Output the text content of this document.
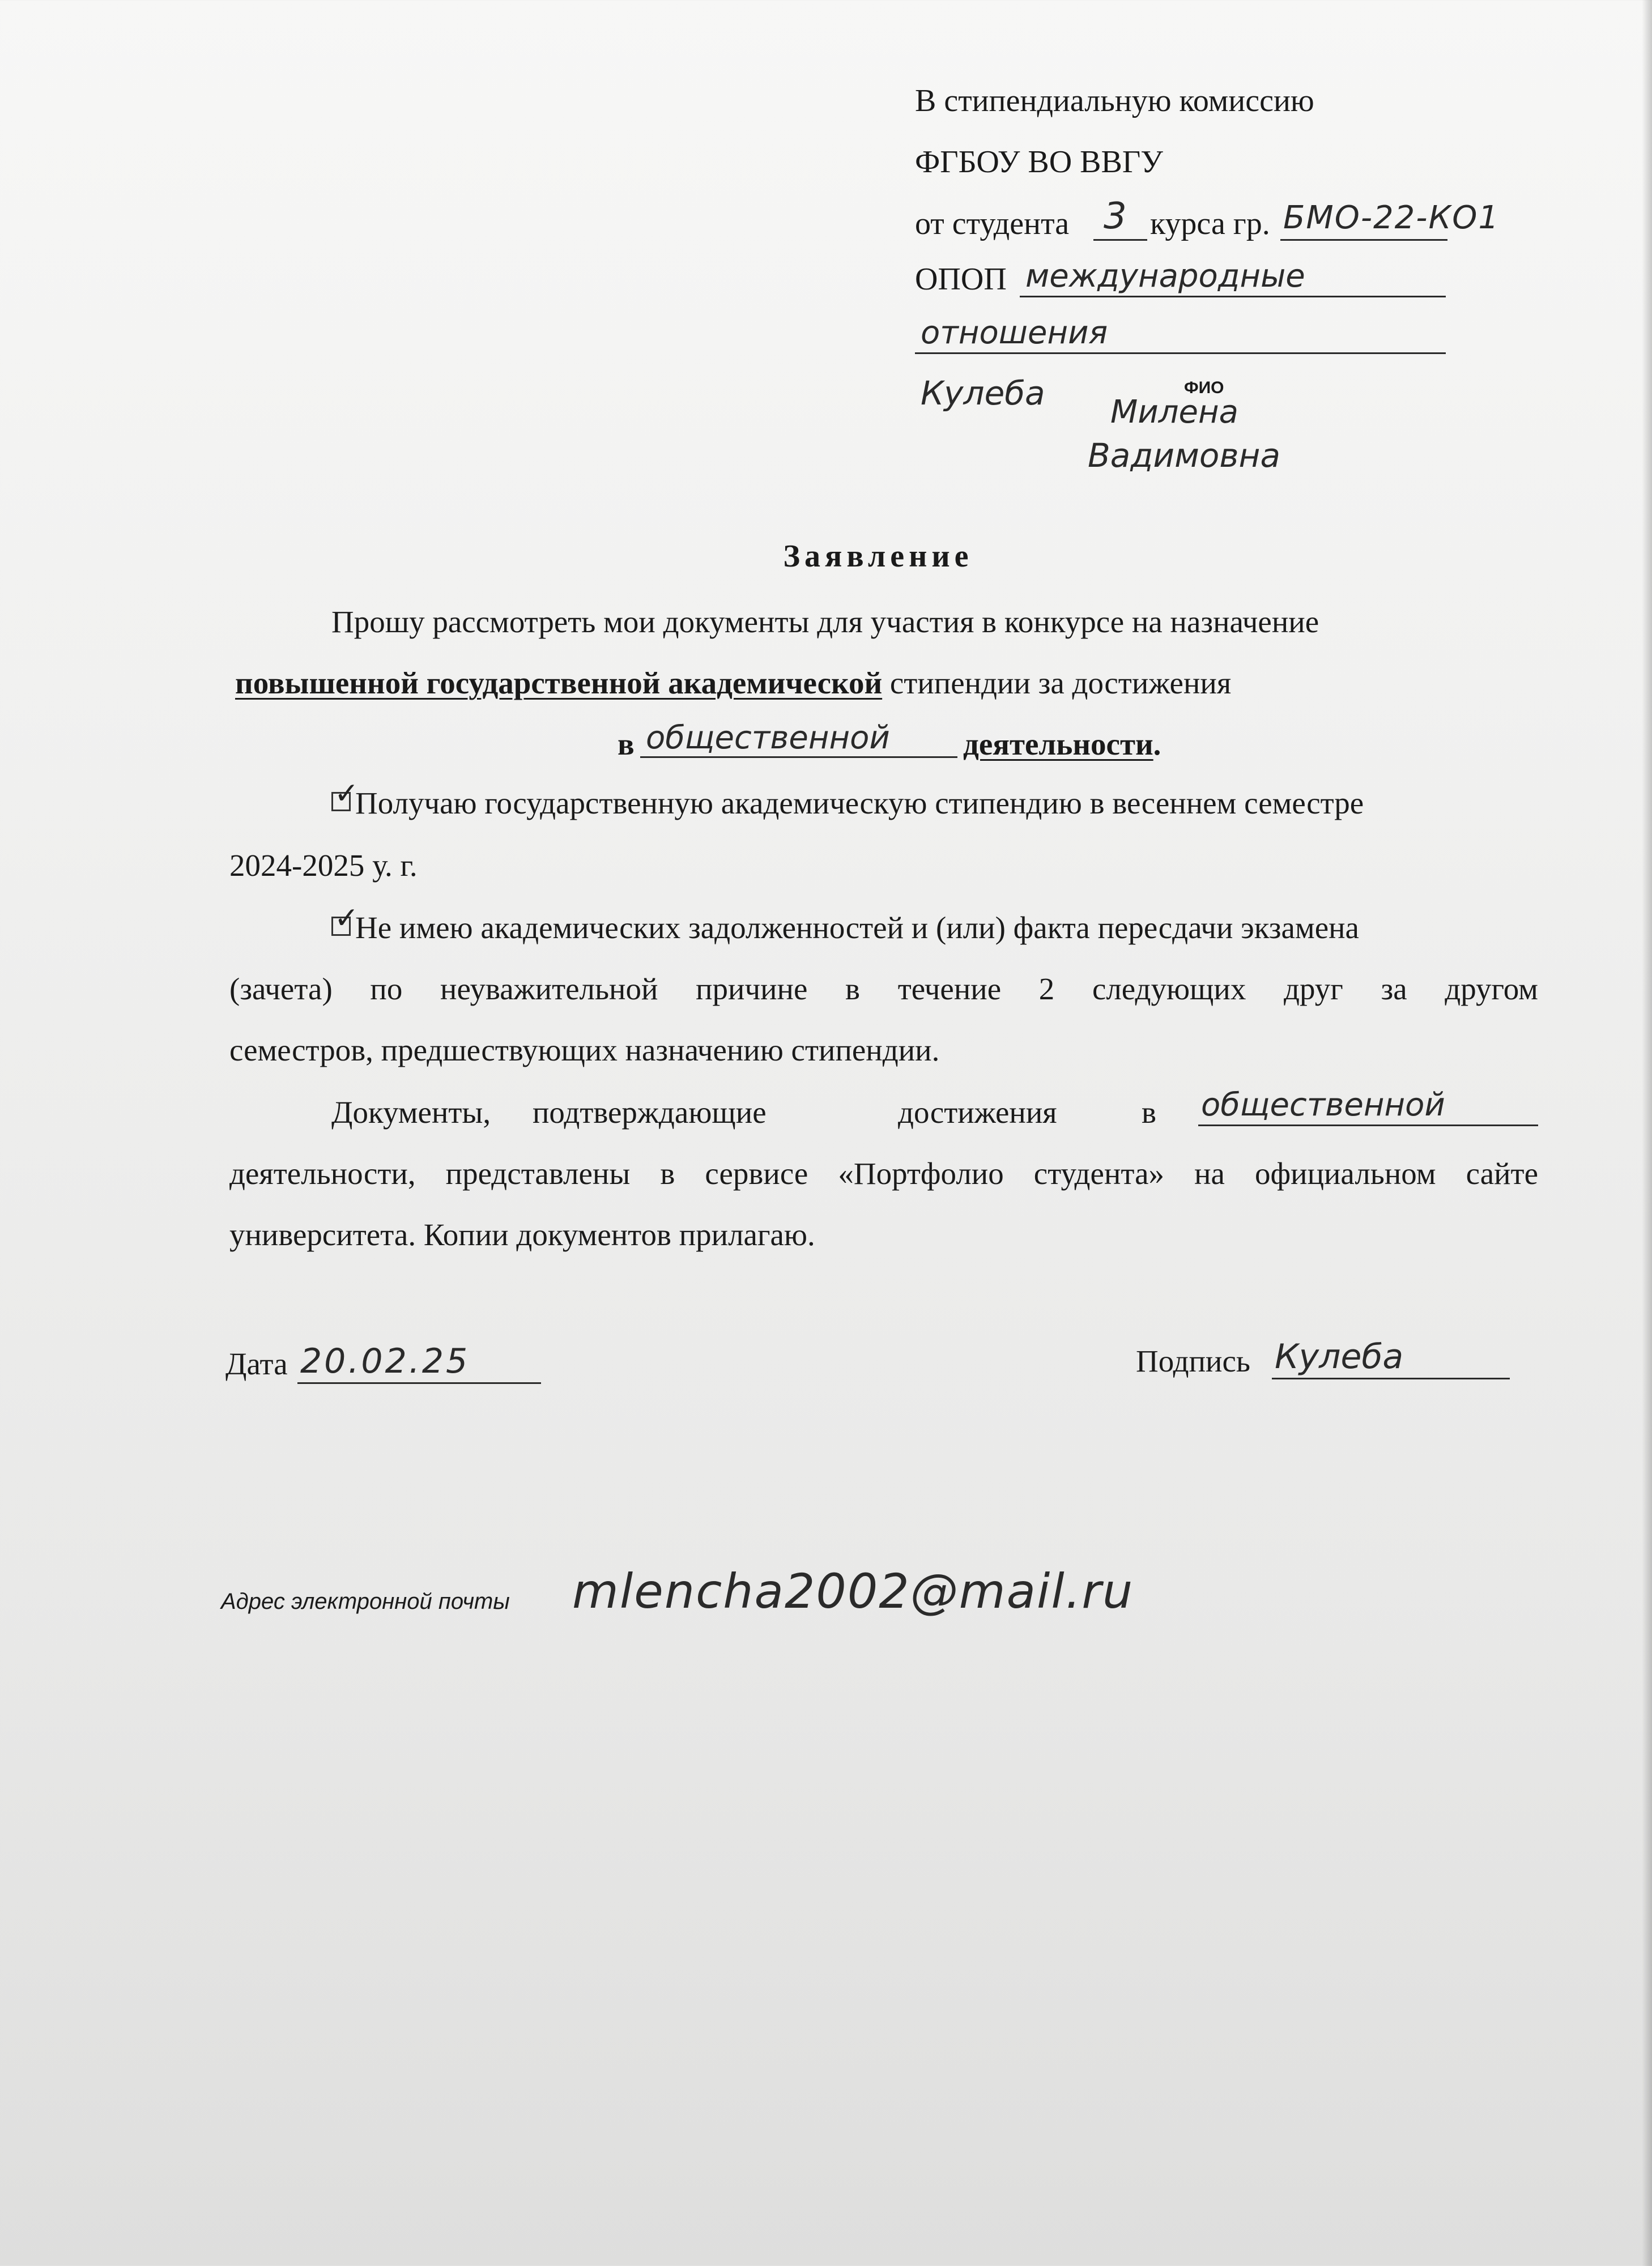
В стипендиальную комиссию
ФГБОУ ВО ВВГУ
от студента 3 курса гр. БМО-22-КО1
ОПОП международные
отношения
Кулеба	ФИО
Милена
Вадимовна
Заявление
Прошу рассмотреть мои документы для участия в конкурсе на назначение
повышенной государственной академической стипендии за достижения
в общественной деятельности.
✓
Получаю государственную академическую стипендию в весеннем семестре
2024-2025 у. г.
✓
Не имею академических задолженностей и (или) факта пересдачи экзамена
(зачета) по неуважительной причине в течение 2 следующих друг за другом
семестров, предшествующих назначению стипендии.
Документы, подтверждающие	достижения	в общественной
деятельности, представлены в сервисе «Портфолио студента» на официальном сайте
университета. Копии документов прилагаю.
Дата 20.02.25	Подпись Кулеба
Адрес электронной почты mlencha2002@mail.ru
